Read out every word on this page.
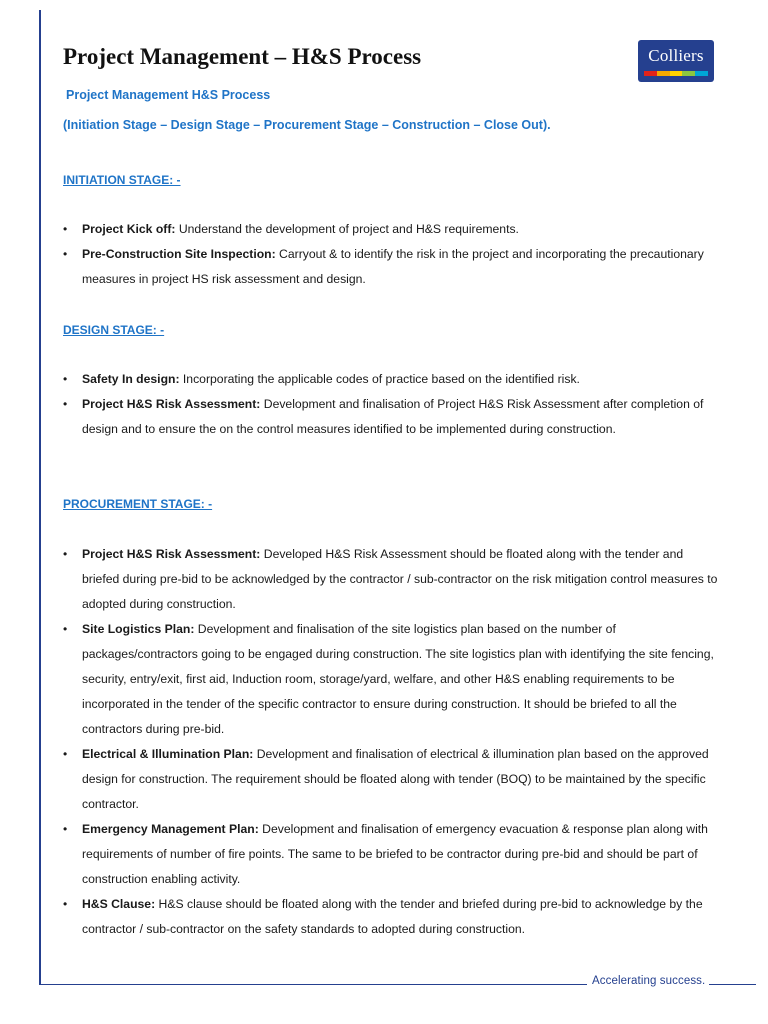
Project Management – H&S Process	Colliers
Project Management H&S Process
(Initiation Stage – Design Stage – Procurement Stage – Construction – Close Out).
INITIATION STAGE: -
• Project Kick off: Understand the development of project and H&S requirements.
• Pre-Construction Site Inspection: Carryout & to identify the risk in the project and incorporating the precautionary measures in project HS risk assessment and design.
DESIGN STAGE: -
• Safety In design: Incorporating the applicable codes of practice based on the identified risk.
• Project H&S Risk Assessment: Development and finalisation of Project H&S Risk Assessment after completion of design and to ensure the on the control measures identified to be implemented during construction.
PROCUREMENT STAGE: -
• Project H&S Risk Assessment: Developed H&S Risk Assessment should be floated along with the tender and briefed during pre-bid to be acknowledged by the contractor / sub-contractor on the risk mitigation control measures to adopted during construction.
• Site Logistics Plan: Development and finalisation of the site logistics plan based on the number of packages/contractors going to be engaged during construction. The site logistics plan with identifying the site fencing, security, entry/exit, first aid, Induction room, storage/yard, welfare, and other H&S enabling requirements to be incorporated in the tender of the specific contractor to ensure during construction. It should be briefed to all the contractors during pre-bid.
• Electrical & Illumination Plan: Development and finalisation of electrical & illumination plan based on the approved design for construction. The requirement should be floated along with tender (BOQ) to be maintained by the specific contractor.
• Emergency Management Plan: Development and finalisation of emergency evacuation & response plan along with requirements of number of fire points. The same to be briefed to be contractor during pre-bid and should be part of construction enabling activity.
• H&S Clause: H&S clause should be floated along with the tender and briefed during pre-bid to acknowledge by the contractor / sub-contractor on the safety standards to adopted during construction.
Accelerating success.
